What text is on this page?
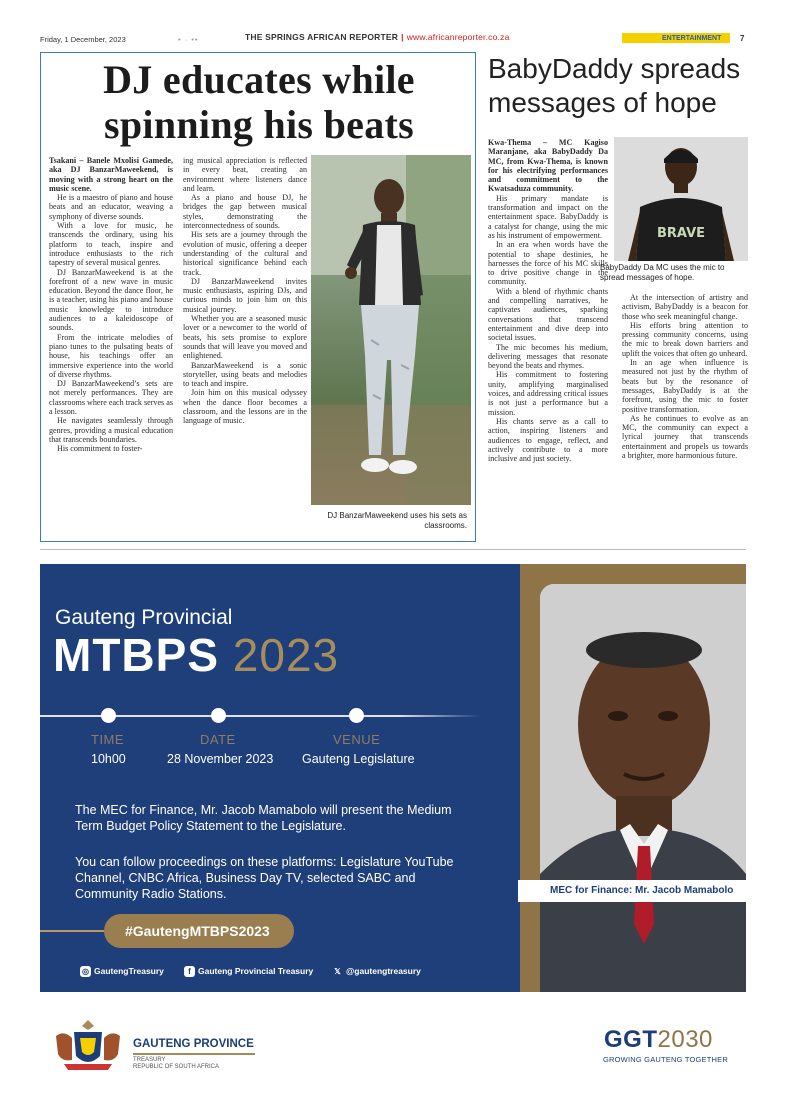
Friday, 1 December, 2023	• · ••	THE SPRINGS AFRICAN REPORTER | www.africanreporter.co.za	ENTERTAINMENT 7
DJ educates while spinning his beats

Tsakani – Banele Mxolisi Gamede, aka DJ BanzarMaweekend, is moving with a strong heart on the music scene.

He is a maestro of piano and house beats and an educator, weaving a symphony of diverse sounds.

With a love for music, he transcends the ordinary, using his platform to teach, inspire and introduce enthusiasts to the rich tapestry of several musical genres.

DJ BanzarMaweekend is at the forefront of a new wave in music education. Beyond the dance floor, he is a teacher, using his piano and house music knowledge to introduce audiences to a kaleidoscope of sounds.

From the intricate melodies of piano tunes to the pulsating beats of house, his teachings offer an immersive experience into the world of diverse rhythms.

DJ BanzarMaweekend’s sets are not merely performances. They are classrooms where each track serves as a lesson.

He navigates seamlessly through genres, providing a musical education that transcends boundaries.

His commitment to foster-

ing musical appreciation is reflected in every beat, creating an environment where listeners dance and learn.

As a piano and house DJ, he bridges the gap between musical styles, demonstrating the interconnectedness of sounds.

His sets are a journey through the evolution of music, offering a deeper understanding of the cultural and historical significance behind each track.

DJ BanzarMaweekend invites music enthusiasts, aspiring DJs, and curious minds to join him on this musical journey.

Whether you are a seasoned music lover or a newcomer to the world of beats, his sets promise to explore sounds that will leave you moved and enlightened.

BanzarMaweekend is a sonic storyteller, using beats and melodies to teach and inspire.

Join him on this musical odyssey when the dance floor becomes a classroom, and the lessons are in the language of music.

DJ BanzarMaweekend uses his sets as classrooms.
BabyDaddy spreads messages of hope

Kwa-Thema – MC Kagiso Maranjane, aka BabyDaddy Da MC, from Kwa-Thema, is known for his electrifying performances and commitment to the Kwatsaduza community.

His primary mandate is transformation and impact on the entertainment space. BabyDaddy is a catalyst for change, using the mic as his instrument of empowerment.

In an era when words have the potential to shape destinies, he harnesses the force of his MC skills to drive positive change in the community.

With a blend of rhythmic chants and compelling narratives, he captivates audiences, sparking conversations that transcend entertainment and dive deep into societal issues.

The mic becomes his medium, delivering messages that resonate beyond the beats and rhymes.

His commitment to fostering unity, amplifying marginalised voices, and addressing critical issues is not just a performance but a mission.

His chants serve as a call to action, inspiring listeners and audiences to engage, reflect, and actively contribute to a more inclusive and just society.

BRAVE
BabyDaddy Da MC uses the mic to spread messages of hope.

At the intersection of artistry and activism, BabyDaddy is a beacon for those who seek meaningful change.

His efforts bring attention to pressing community concerns, using the mic to break down barriers and uplift the voices that often go unheard.

In an age when influence is measured not just by the rhythm of beats but by the resonance of messages, BabyDaddy is at the forefront, using the mic to foster positive transformation.

As he continues to evolve as an MC, the community can expect a lyrical journey that transcends entertainment and propels us towards a brighter, more harmonious future.

MEC for Finance: Mr. Jacob Mamabolo
Gauteng Provincial
MTBPS 2023
TIME	DATE	VENUE
10h00	28 November 2023 Gauteng Legislature
The MEC for Finance, Mr. Jacob Mamabolo will present the Medium Term Budget Policy Statement to the Legislature.
You can follow proceedings on these platforms: Legislature YouTube Channel, CNBC Africa, Business Day TV, selected SABC and Community Radio Stations.
#GautengMTBPS2023
◎ GautengTreasury	f Gauteng Provincial Treasury	𝕏 @gautengtreasury
GAUTENG PROVINCE
TREASURY
REPUBLIC OF SOUTH AFRICA
GGT2030
GROWING GAUTENG TOGETHER
